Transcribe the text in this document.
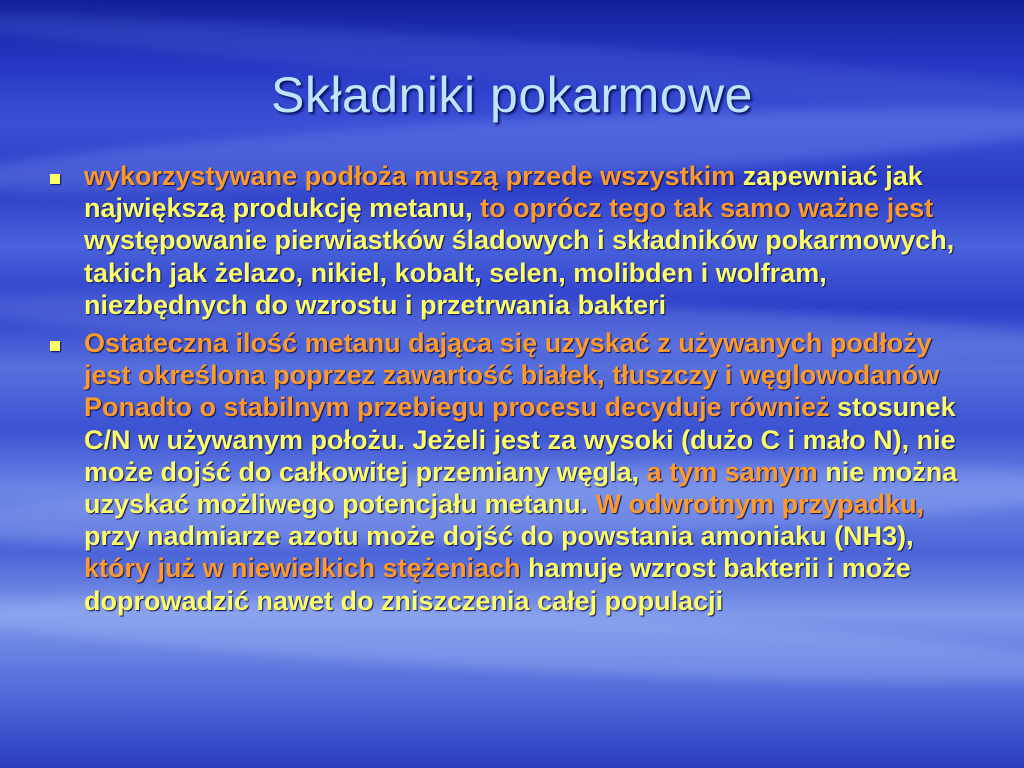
Składniki pokarmowe
wykorzystywane podłoża muszą przede wszystkim zapewniać jak największą produkcję metanu, to oprócz tego tak samo ważne jest występowanie pierwiastków śladowych i składników pokarmowych, takich jak żelazo, nikiel, kobalt, selen, molibden i wolfram, niezbędnych do wzrostu i przetrwania bakteri
Ostateczna ilość metanu dająca się uzyskać z używanych podłoży jest określona poprzez zawartość białek, tłuszczy i węglowodanów Ponadto o stabilnym przebiegu procesu decyduje również stosunek C/N w używanym położu. Jeżeli jest za wysoki (dużo C i mało N), nie może dojść do całkowitej przemiany węgla, a tym samym nie można uzyskać możliwego potencjału metanu. W odwrotnym przypadku, przy nadmiarze azotu może dojść do powstania amoniaku (NH3), który już w niewielkich stężeniach hamuje wzrost bakterii i może doprowadzić nawet do zniszczenia całej populacji
